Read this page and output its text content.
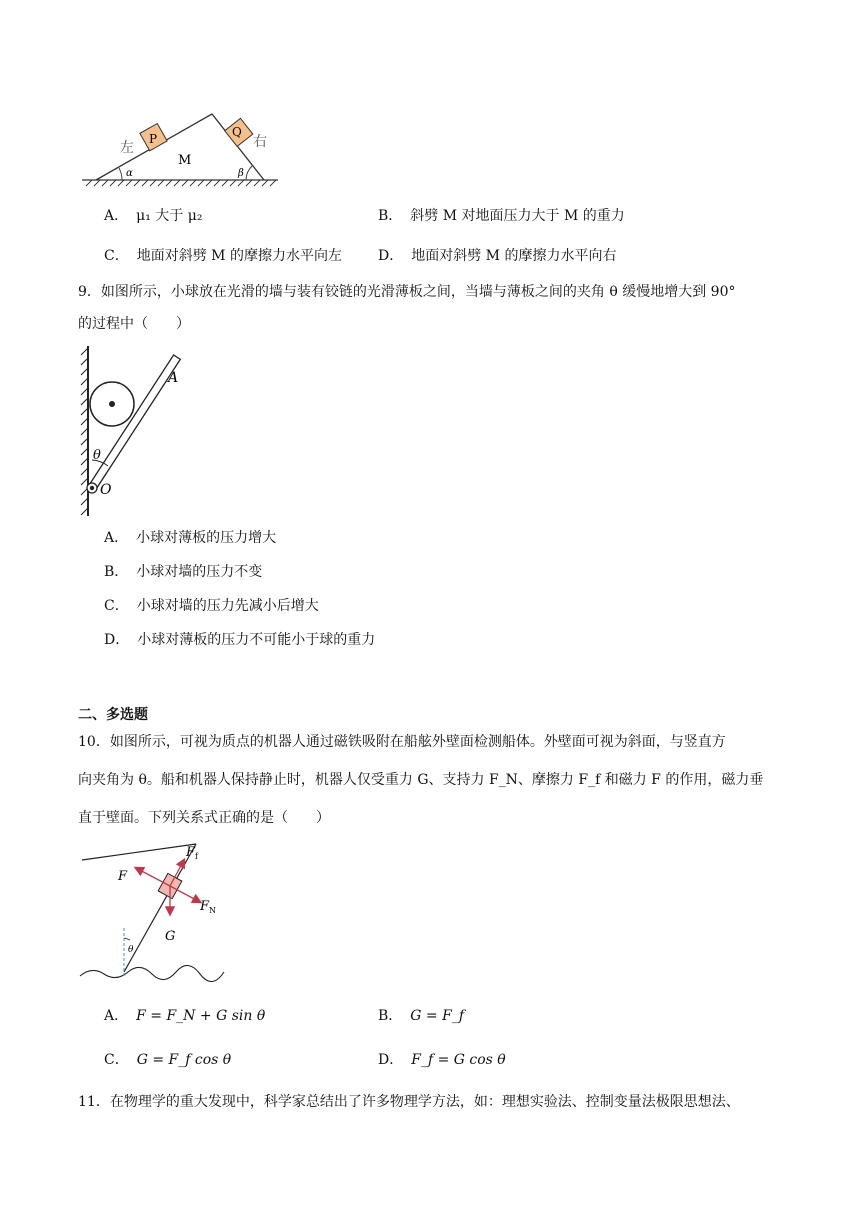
P	Q
M
左	右
α	β
A． μ₁ 大于 μ₂	B． 斜劈 M 对地面压力大于 M 的重力
C． 地面对斜劈 M 的摩擦力水平向左	D． 地面对斜劈 M 的摩擦力水平向右
9．如图所示，小球放在光滑的墙与装有铰链的光滑薄板之间，当墙与薄板之间的夹角 θ 缓慢地增大到 90°
的过程中（　　）
θ
A
O
A． 小球对薄板的压力增大
B． 小球对墙的压力不变
C． 小球对墙的压力先减小后增大
D． 小球对薄板的压力不可能小于球的重力
二、多选题
10．如图所示，可视为质点的机器人通过磁铁吸附在船舷外壁面检测船体。外壁面可视为斜面，与竖直方
向夹角为 θ。船和机器人保持静止时，机器人仅受重力 G、支持力 F_N、摩擦力 F_f 和磁力 F 的作用，磁力垂
直于壁面。下列关系式正确的是（　　）
$F_f$
F
$F_N$
G
θ
A． F = F_N + G sin θ	B． G = F_f
C． G = F_f cos θ	D． F_f = G cos θ
11．在物理学的重大发现中，科学家总结出了许多物理学方法，如：理想实验法、控制变量法极限思想法、
